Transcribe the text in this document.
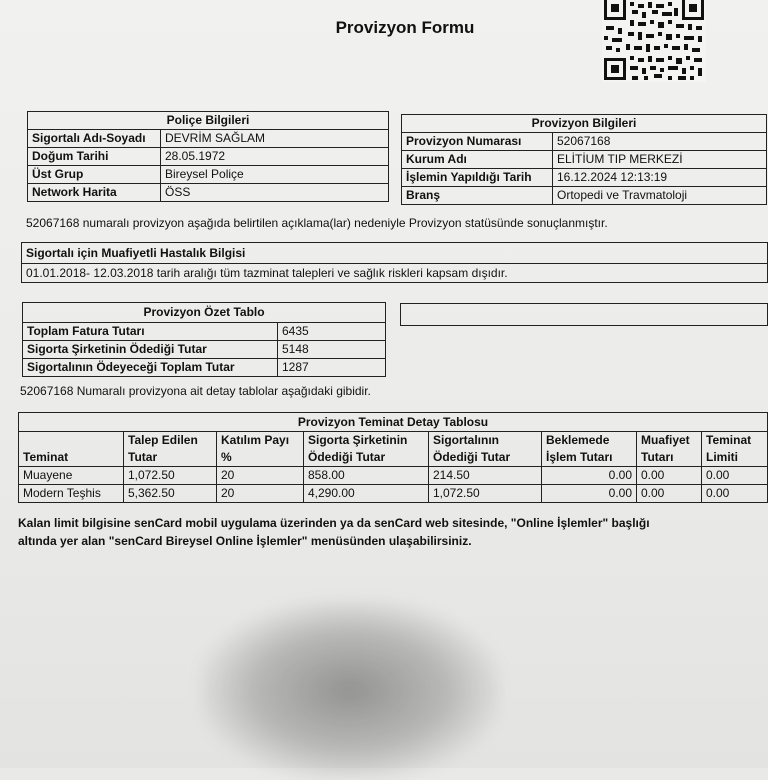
Provizyon Formu
Poliçe Bilgileri	
Sigortalı Adı-Soyadı	DEVRİM SAĞLAM
Doğum Tarihi	28.05.1972
Üst Grup	Bireysel Poliçe
Network Harita	ÖSS
Provizyon Bilgileri	
Provizyon Numarası	52067168
Kurum Adı	ELİTİUM TIP MERKEZİ
İşlemin Yapıldığı Tarih	16.12.2024 12:13:19
Branş	Ortopedi ve Travmatoloji
52067168 numaralı provizyon aşağıda belirtilen açıklama(lar) nedeniyle Provizyon statüsünde sonuçlanmıştır.
Sigortalı için Muafiyetli Hastalık Bilgisi
01.01.2018- 12.03.2018 tarih aralığı tüm tazminat talepleri ve sağlık riskleri kapsam dışıdır.
Provizyon Özet Tablo	
Toplam Fatura Tutarı	6435
Sigorta Şirketinin Ödediği Tutar	5148
Sigortalının Ödeyeceği Toplam Tutar	1287
52067168 Numaralı provizyona ait detay tablolar aşağıdaki gibidir.
Provizyon Teminat Detay Tablosu							
Teminat	Talep Edilen Tutar	Katılım Payı %	Sigorta Şirketinin Ödediği Tutar	Sigortalının Ödediği Tutar	Beklemede İşlem Tutarı	Muafiyet Tutarı	Teminat Limiti
Muayene	1,072.50	20	858.00	214.50	0.00	0.00	0.00
Modern Teşhis	5,362.50	20	4,290.00	1,072.50	0.00	0.00	0.00
Kalan limit bilgisine senCard mobil uygulama üzerinden ya da senCard web sitesinde, "Online İşlemler" başlığı
altında yer alan "senCard Bireysel Online İşlemler" menüsünden ulaşabilirsiniz.
